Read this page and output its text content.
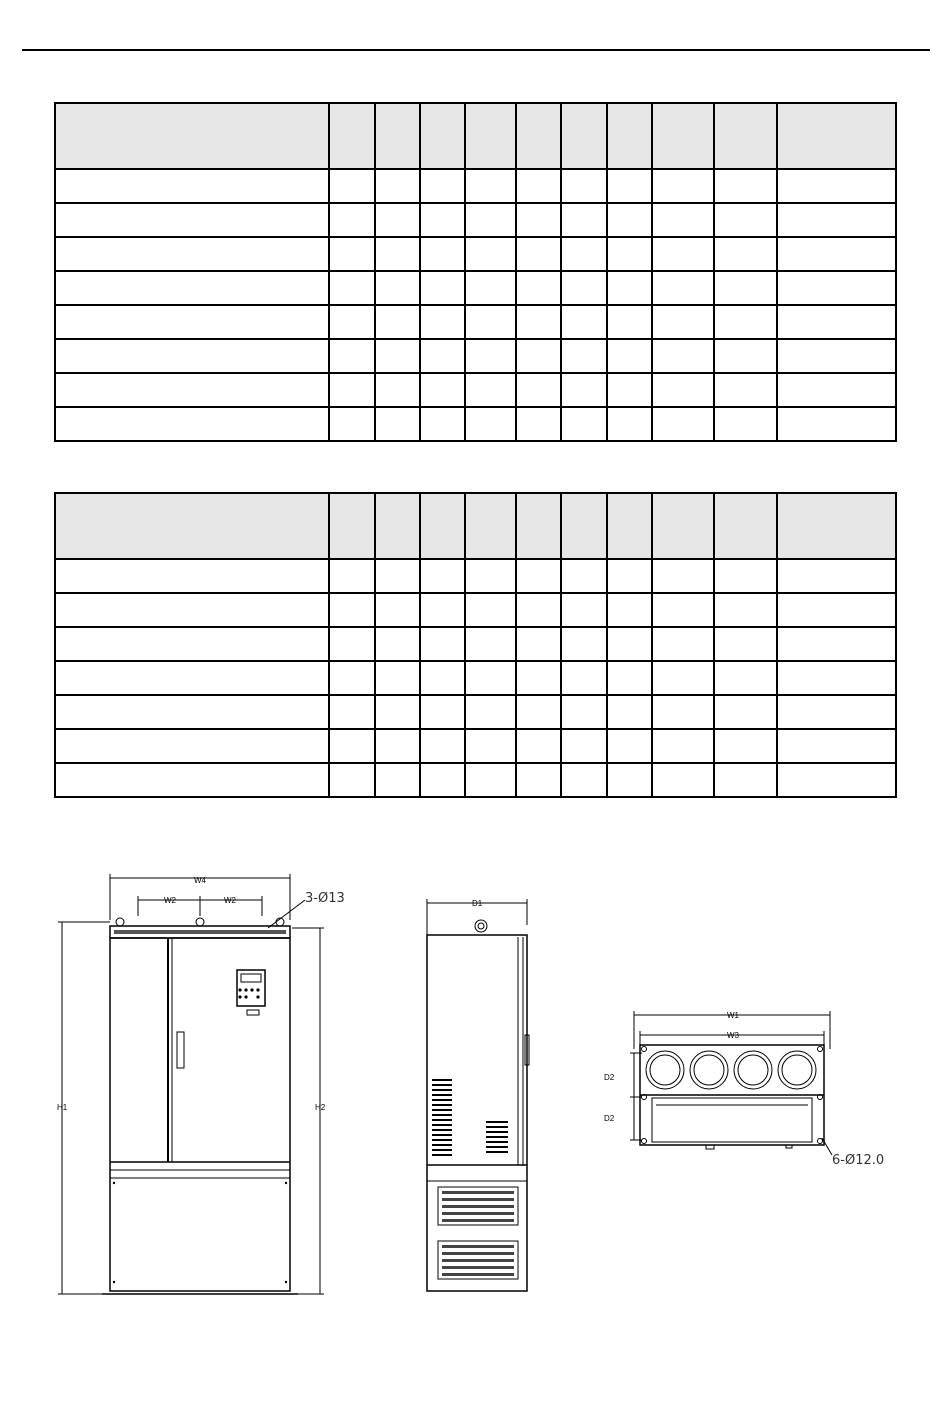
W4
W2	W2	3-Ø13
H1	H2
D1
W1
W3
D2
D2
6-Ø12.0
